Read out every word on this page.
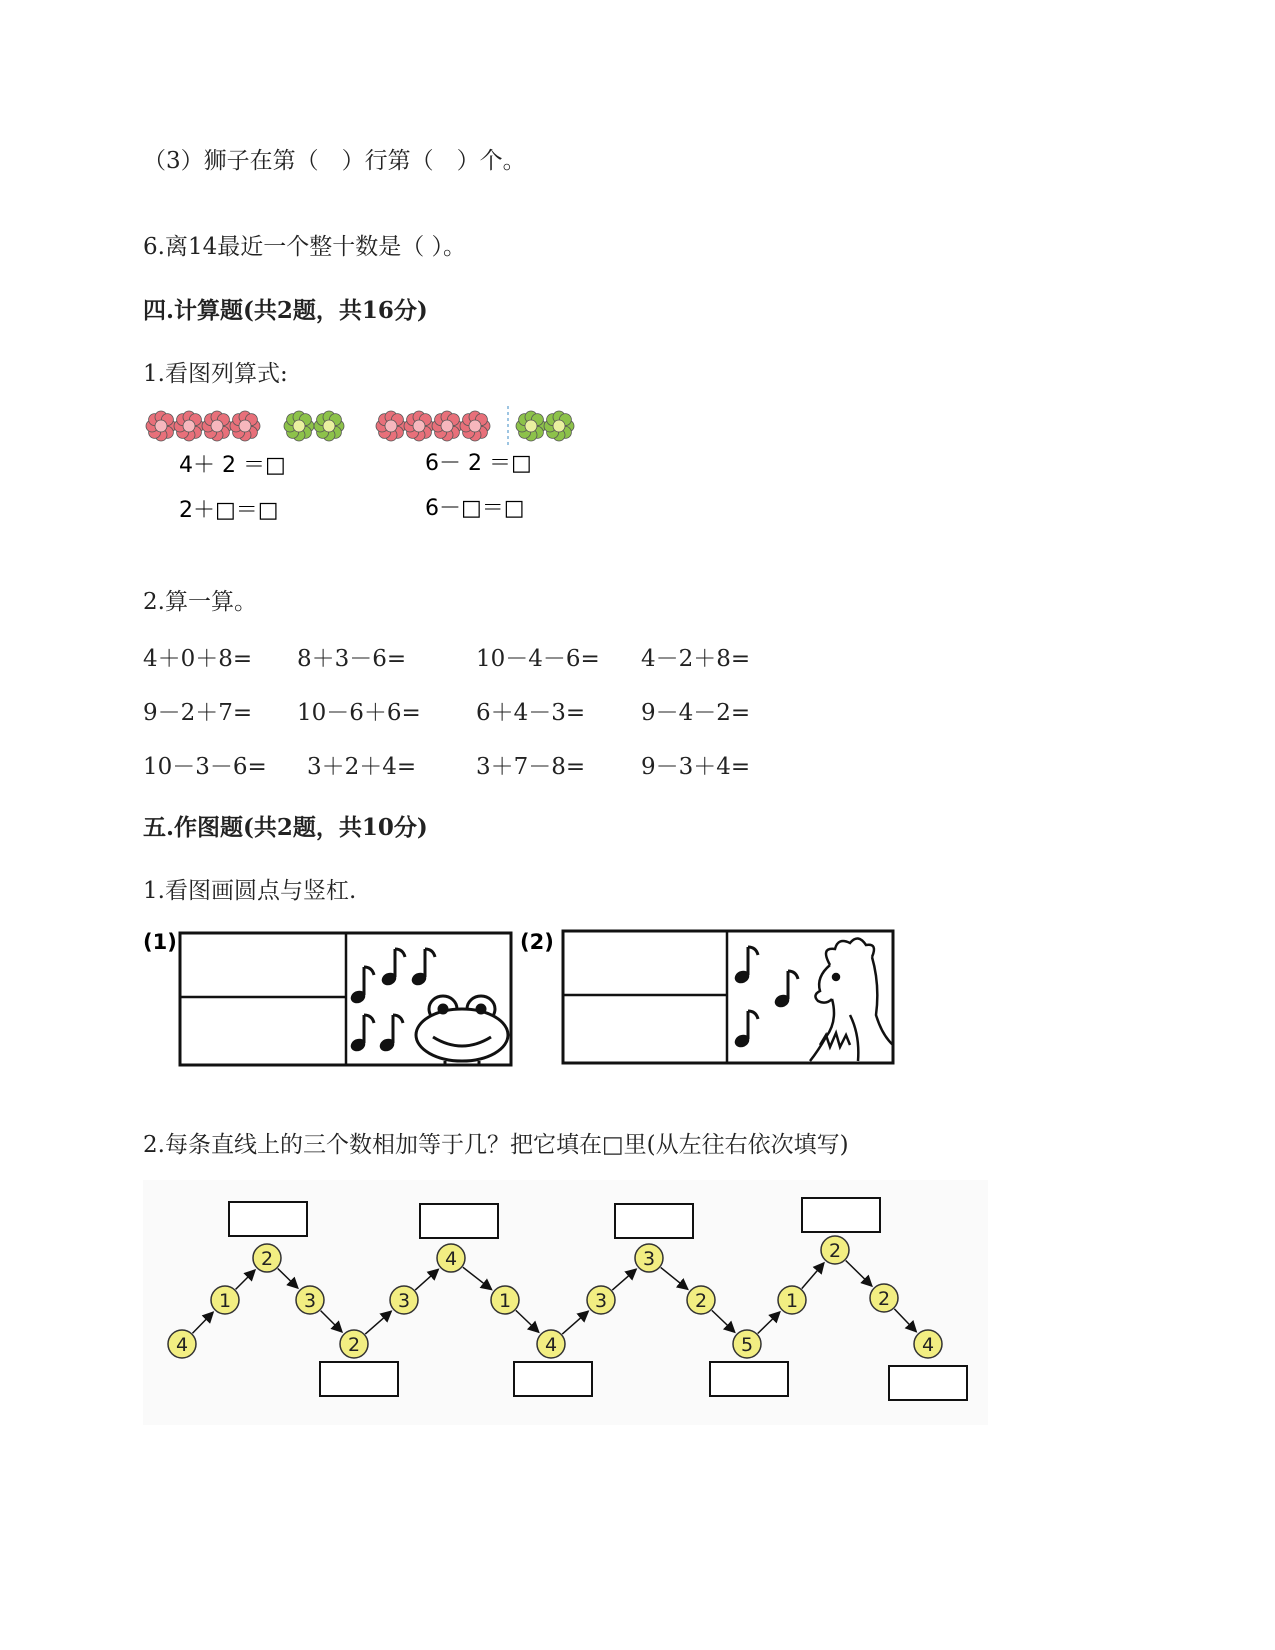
（3）狮子在第（　）行第（　）个。
6.离14最近一个整十数是（ ）。
四.计算题(共2题，共16分)
1.看图列算式:
4＋ 2 ＝□
2＋□＝□
6－ 2 ＝□
6－□＝□
2.算一算。
4＋0＋8= 8＋3－6=	10－4－6= 4－2＋8=
9－2＋7= 10－6＋6= 6＋4－3= 9－4－2=
10－3－6= 3＋2＋4=	3＋7－8= 9－3＋4=
五.作图题(共2题，共10分)
1.看图画圆点与竖杠.
(1)	(2)
2.每条直线上的三个数相加等于几？把它填在□里(从左往右依次填写)
4
1
2
3
2
3
4
1
4
3
3
2
5
1
2
2
4
